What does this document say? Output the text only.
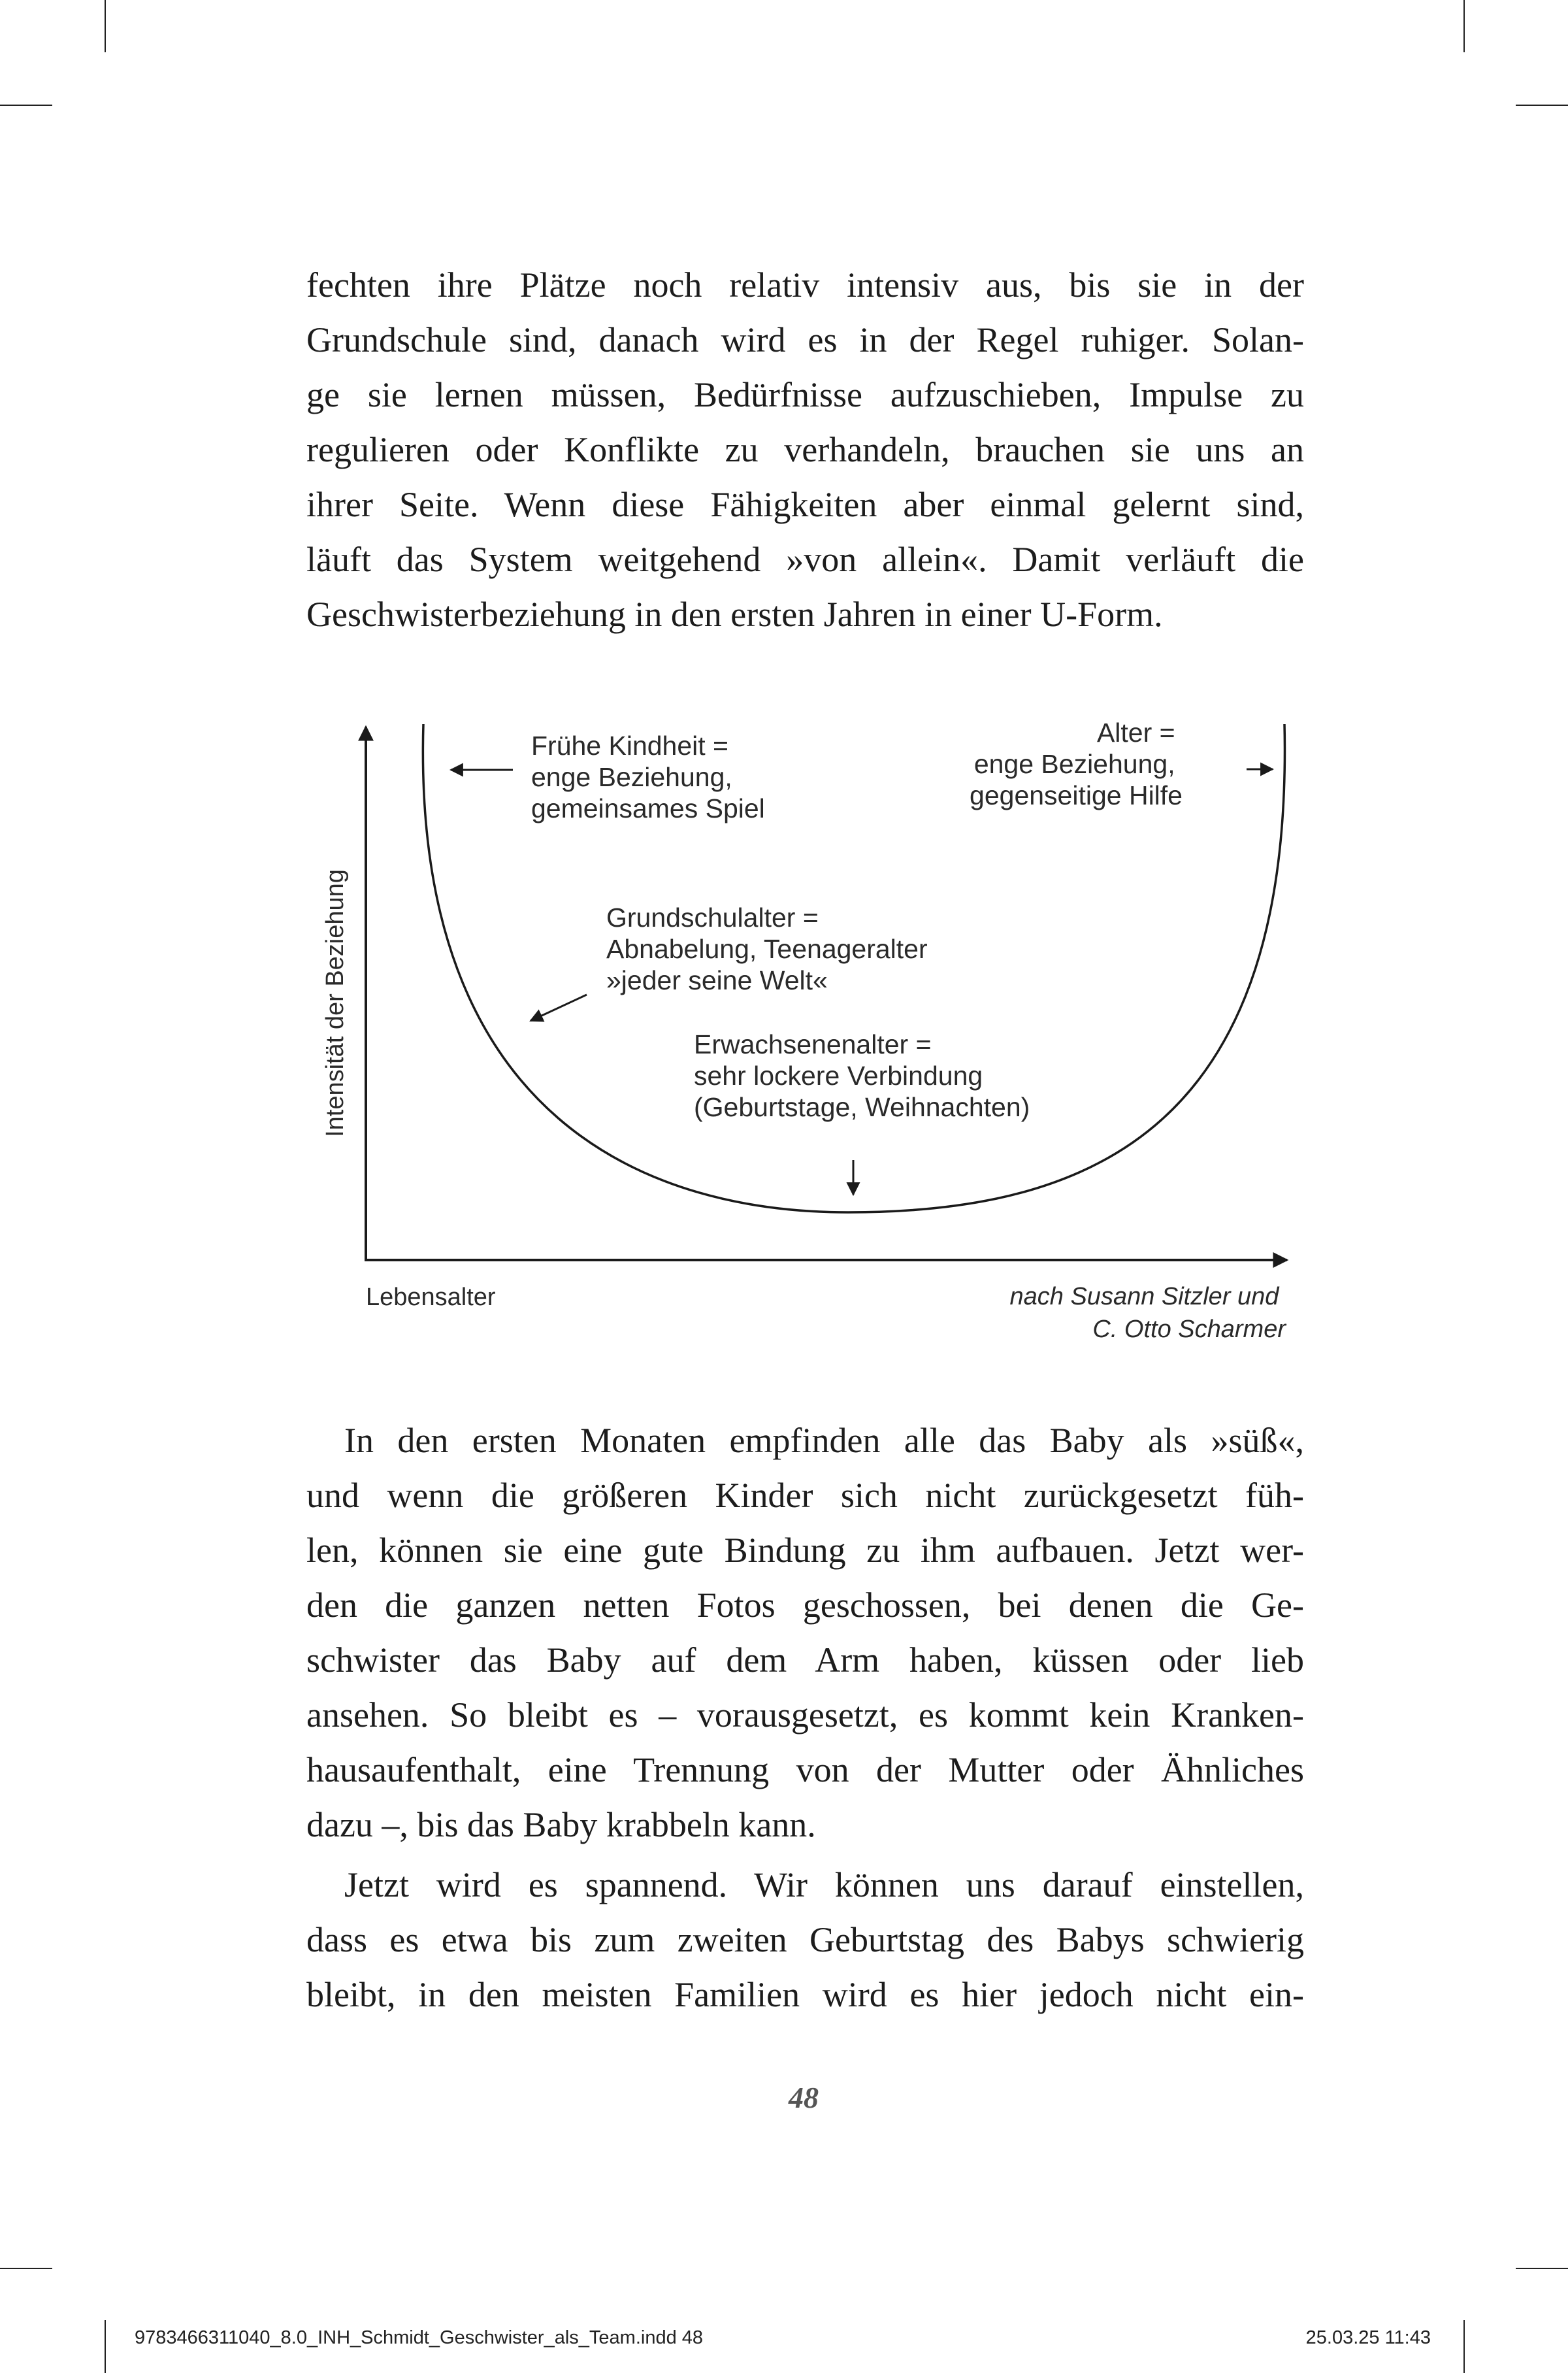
fechten ihre Plätze noch relativ intensiv aus, bis sie in der
Grundschule sind, danach wird es in der Regel ruhiger. Solan-
ge sie lernen müssen, Bedürfnisse aufzuschieben, Impulse zu
regulieren oder Konflikte zu verhandeln, brauchen sie uns an
ihrer Seite. Wenn diese Fähigkeiten aber einmal gelernt sind,
läuft das System weitgehend »von allein«. Damit verläuft die
Geschwisterbeziehung in den ersten Jahren in einer U-Form.

Intensität der Beziehung
Frühe Kindheit = enge Beziehung, gemeinsames Spiel
Alter = enge Beziehung, gegenseitige Hilfe
Grundschulalter = Abnabelung, Teenageralter »jeder seine Welt«
Erwachsenenalter = sehr lockere Verbindung (Geburtstage, Weihnachten)
Lebensalter	nach Susann Sitzler und C. Otto Scharmer

In den ersten Monaten empfinden alle das Baby als »süß«,
und wenn die größeren Kinder sich nicht zurückgesetzt füh-
len, können sie eine gute Bindung zu ihm aufbauen. Jetzt wer-
den die ganzen netten Fotos geschossen, bei denen die Ge-
schwister das Baby auf dem Arm haben, küssen oder lieb
ansehen. So bleibt es – vorausgesetzt, es kommt kein Kranken-
hausaufenthalt, eine Trennung von der Mutter oder Ähnliches
dazu –, bis das Baby krabbeln kann.

Jetzt wird es spannend. Wir können uns darauf einstellen,
dass es etwa bis zum zweiten Geburtstag des Babys schwierig
bleibt, in den meisten Familien wird es hier jedoch nicht ein-

48
9783466311040_8.0_INH_Schmidt_Geschwister_als_Team.indd 48	25.03.25 11:43
